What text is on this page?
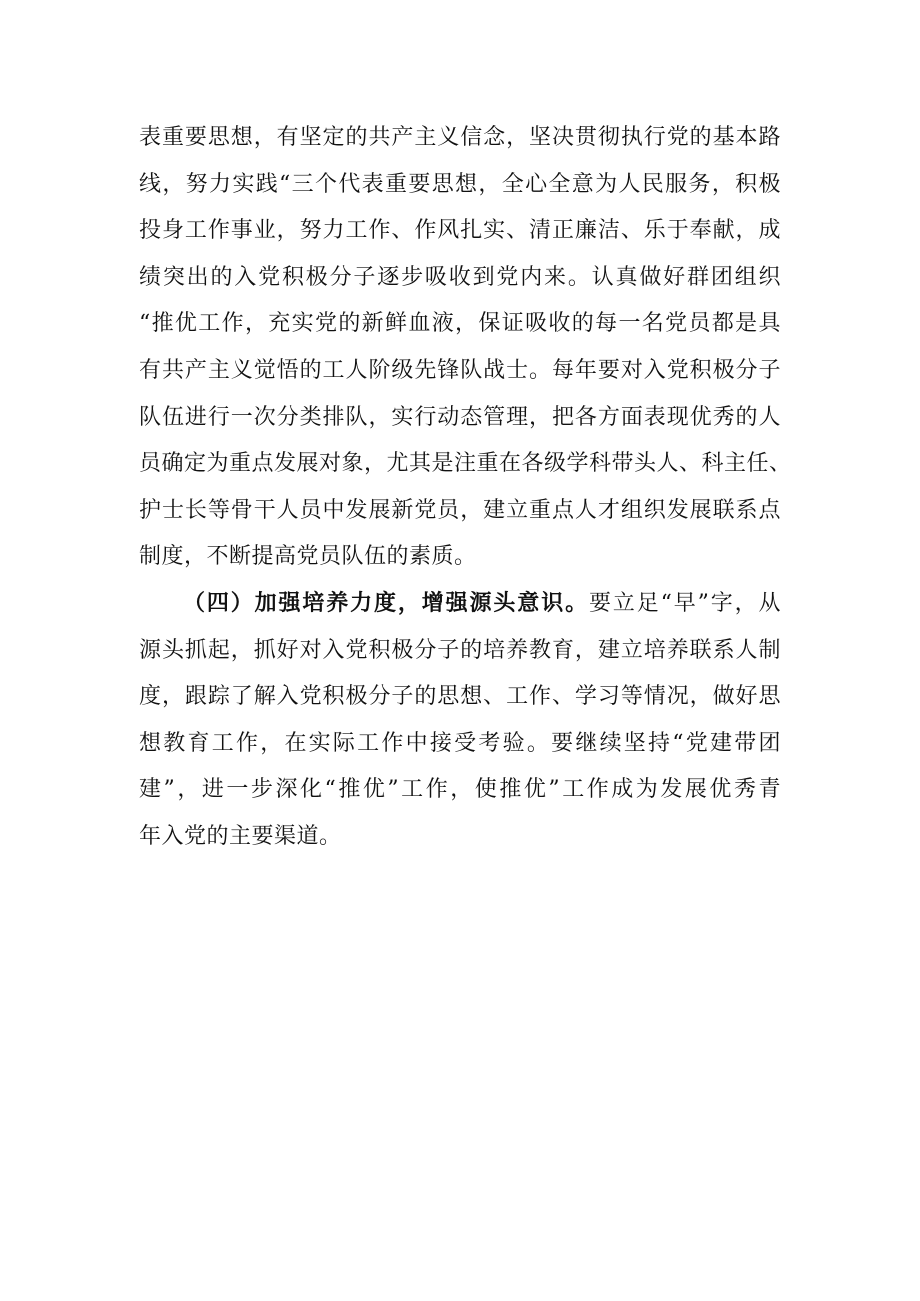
表重要思想，有坚定的共产主义信念，坚决贯彻执行党的基本路
线，努力实践“三个代表重要思想，全心全意为人民服务，积极
投身工作事业，努力工作、作风扎实、清正廉洁、乐于奉献，成
绩突出的入党积极分子逐步吸收到党内来。认真做好群团组织
“推优工作，充实党的新鲜血液，保证吸收的每一名党员都是具
有共产主义觉悟的工人阶级先锋队战士。每年要对入党积极分子
队伍进行一次分类排队，实行动态管理，把各方面表现优秀的人
员确定为重点发展对象，尤其是注重在各级学科带头人、科主任、
护士长等骨干人员中发展新党员，建立重点人才组织发展联系点
制度，不断提高党员队伍的素质。
（四）加强培养力度，增强源头意识。要立足“早”字，从
源头抓起，抓好对入党积极分子的培养教育，建立培养联系人制
度，跟踪了解入党积极分子的思想、工作、学习等情况，做好思
想教育工作，在实际工作中接受考验。要继续坚持“党建带团
建”，进一步深化“推优”工作，使推优”工作成为发展优秀青
年入党的主要渠道。
